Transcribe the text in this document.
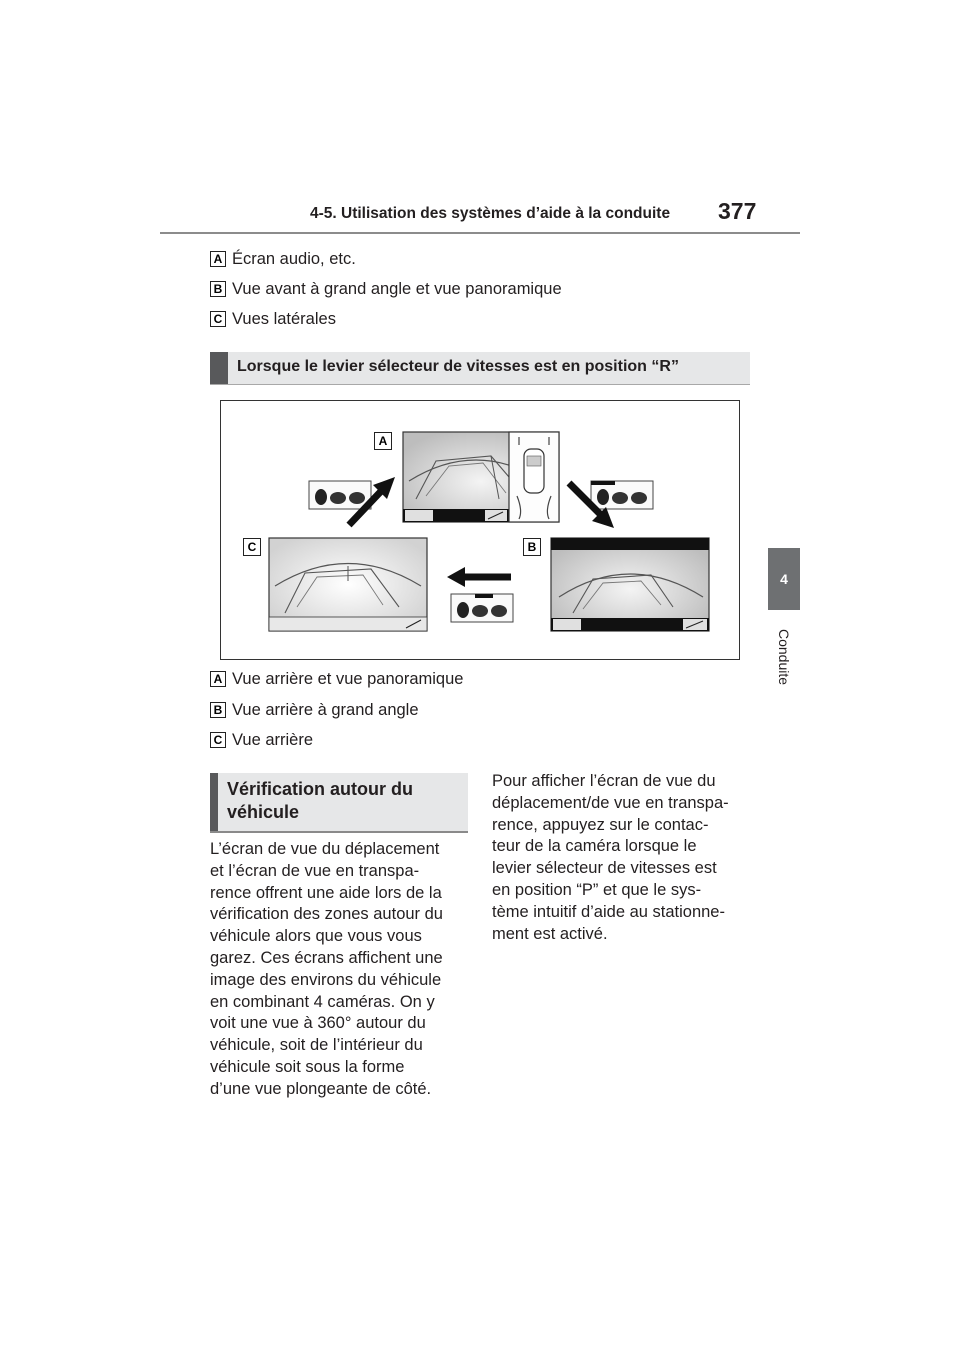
4-5. Utilisation des systèmes d’aide à la conduite 377
4
Conduite
A Écran audio, etc.
B Vue avant à grand angle et vue panoramique
C Vues latérales
Lorsque le levier sélecteur de vitesses est en position “R”
A
B
C
A Vue arrière et vue panoramique
B Vue arrière à grand angle
C Vue arrière
Vérification autour du véhicule
L’écran de vue du déplacement
et l’écran de vue en transpa-
rence offrent une aide lors de la
vérification des zones autour du
véhicule alors que vous vous
garez. Ces écrans affichent une
image des environs du véhicule
en combinant 4 caméras. On y
voit une vue à 360° autour du
véhicule, soit de l’intérieur du
véhicule soit sous la forme
d’une vue plongeante de côté.
Pour afficher l’écran de vue du
déplacement/de vue en transpa-
rence, appuyez sur le contac-
teur de la caméra lorsque le
levier sélecteur de vitesses est
en position “P” et que le sys-
tème intuitif d’aide au stationne-
ment est activé.
